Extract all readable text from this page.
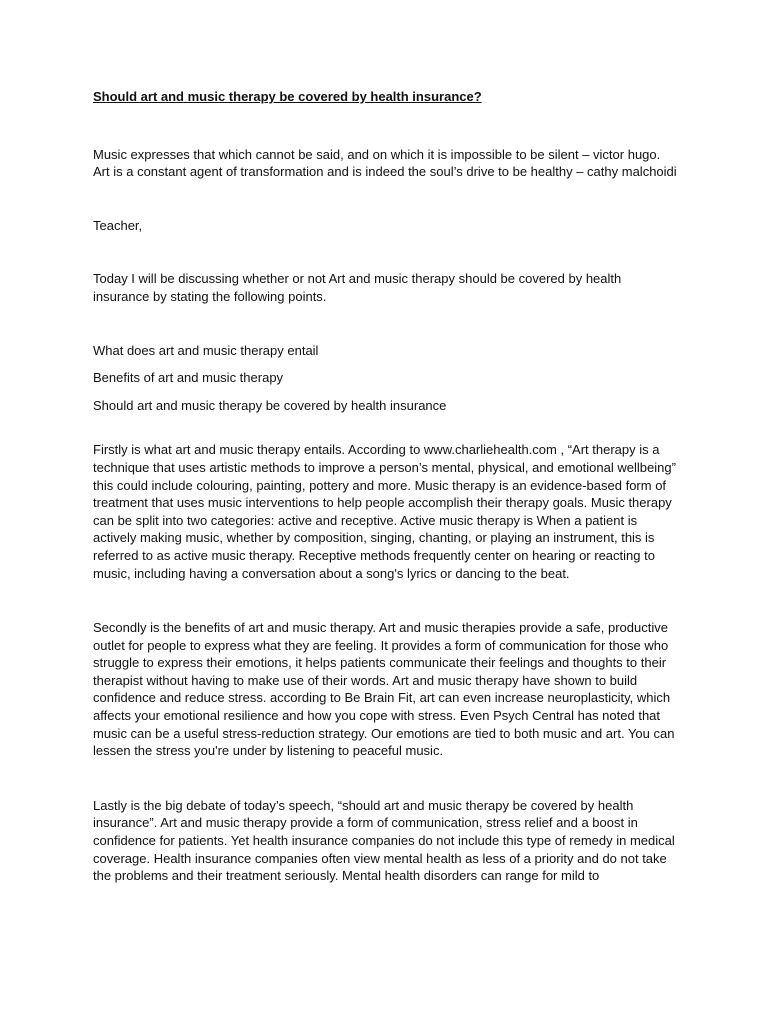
Should art and music therapy be covered by health insurance?

Music expresses that which cannot be said, and on which it is impossible to be silent – victor hugo.

Art is a constant agent of transformation and is indeed the soul’s drive to be healthy – cathy malchoidi

Teacher,

Today I will be discussing whether or not Art and music therapy should be covered by health insurance by stating the following points.

What does art and music therapy entail

Benefits of art and music therapy

Should art and music therapy be covered by health insurance

Firstly is what art and music therapy entails. According to www.charliehealth.com , “Art therapy is a technique that uses artistic methods to improve a person’s mental, physical, and emotional wellbeing” this could include colouring, painting, pottery and more. Music therapy is an evidence-based form of treatment that uses music interventions to help people accomplish their therapy goals. Music therapy can be split into two categories: active and receptive. Active music therapy is When a patient is actively making music, whether by composition, singing, chanting, or playing an instrument, this is referred to as active music therapy. Receptive methods frequently center on hearing or reacting to music, including having a conversation about a song's lyrics or dancing to the beat.

Secondly is the benefits of art and music therapy. Art and music therapies provide a safe, productive outlet for people to express what they are feeling. It provides a form of communication for those who struggle to express their emotions, it helps patients communicate their feelings and thoughts to their therapist without having to make use of their words. Art and music therapy have shown to build confidence and reduce stress. according to Be Brain Fit, art can even increase neuroplasticity, which affects your emotional resilience and how you cope with stress. Even Psych Central has noted that music can be a useful stress-reduction strategy. Our emotions are tied to both music and art. You can lessen the stress you're under by listening to peaceful music.

Lastly is the big debate of today’s speech, “should art and music therapy be covered by health insurance”. Art and music therapy provide a form of communication, stress relief and a boost in confidence for patients. Yet health insurance companies do not include this type of remedy in medical coverage. Health insurance companies often view mental health as less of a priority and do not take the problems and their treatment seriously. Mental health disorders can range for mild to
